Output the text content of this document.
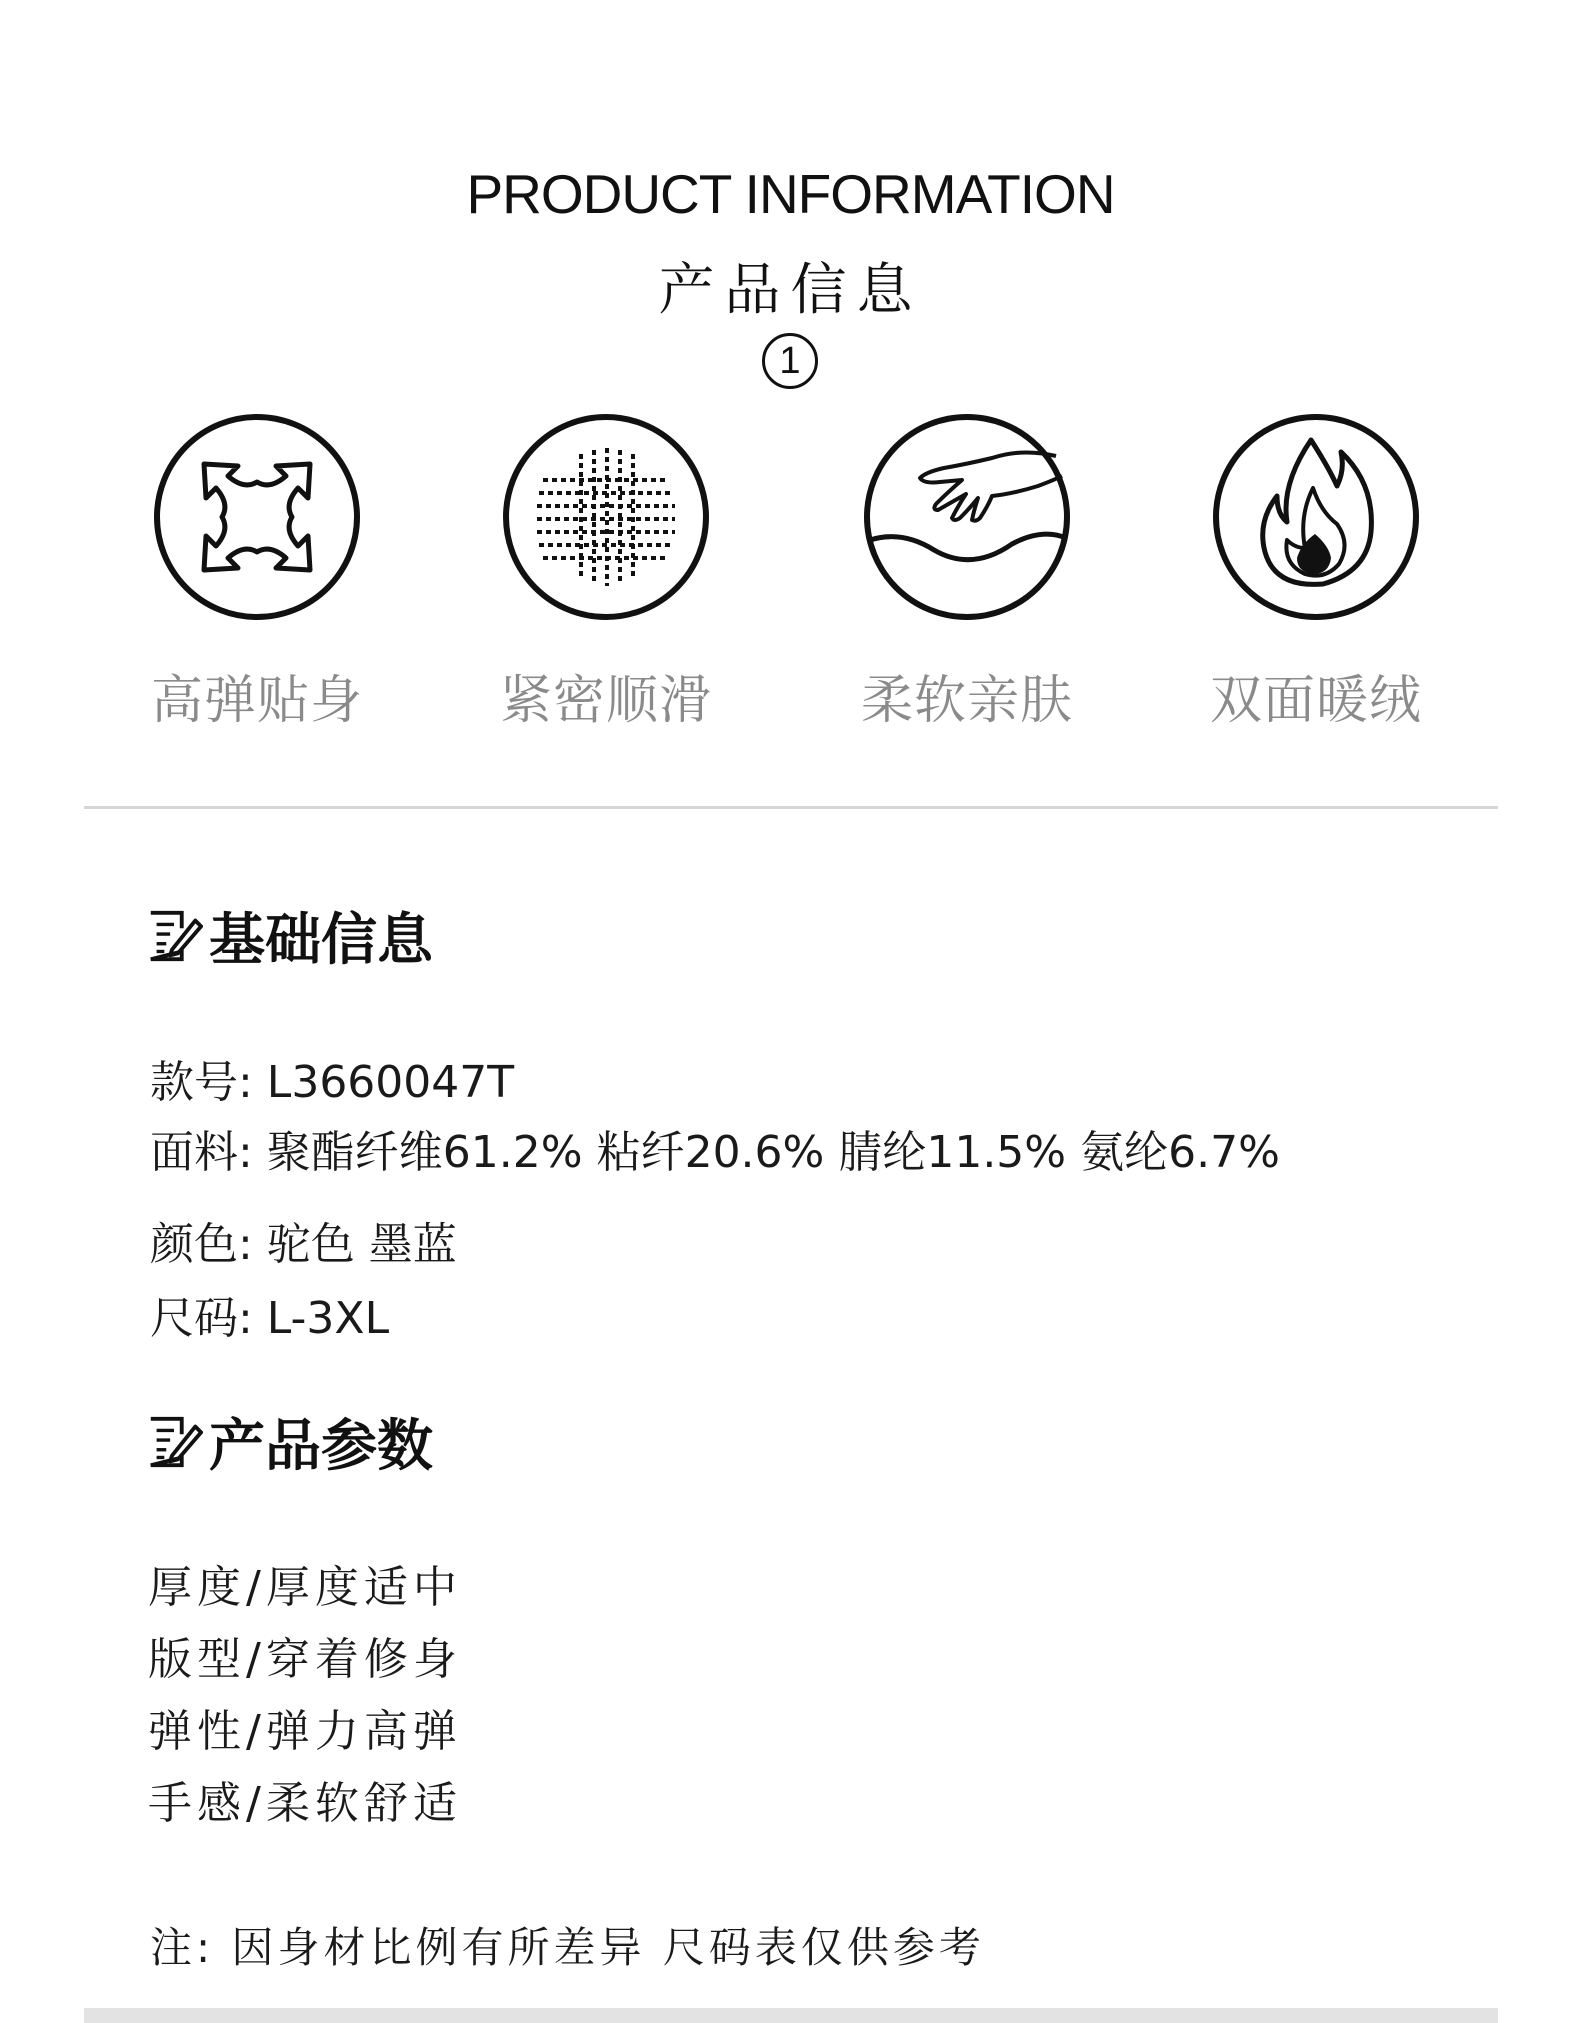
PRODUCT INFORMATION
产品信息
1
高弹贴身	紧密顺滑	柔软亲肤	双面暖绒
基础信息
款号: L3660047T
面料: 聚酯纤维61.2% 粘纤20.6% 腈纶11.5% 氨纶6.7%
颜色: 驼色 墨蓝
尺码: L-3XL
产品参数
厚度/厚度适中
版型/穿着修身
弹性/弹力高弹
手感/柔软舒适
注: 因身材比例有所差异 尺码表仅供参考
